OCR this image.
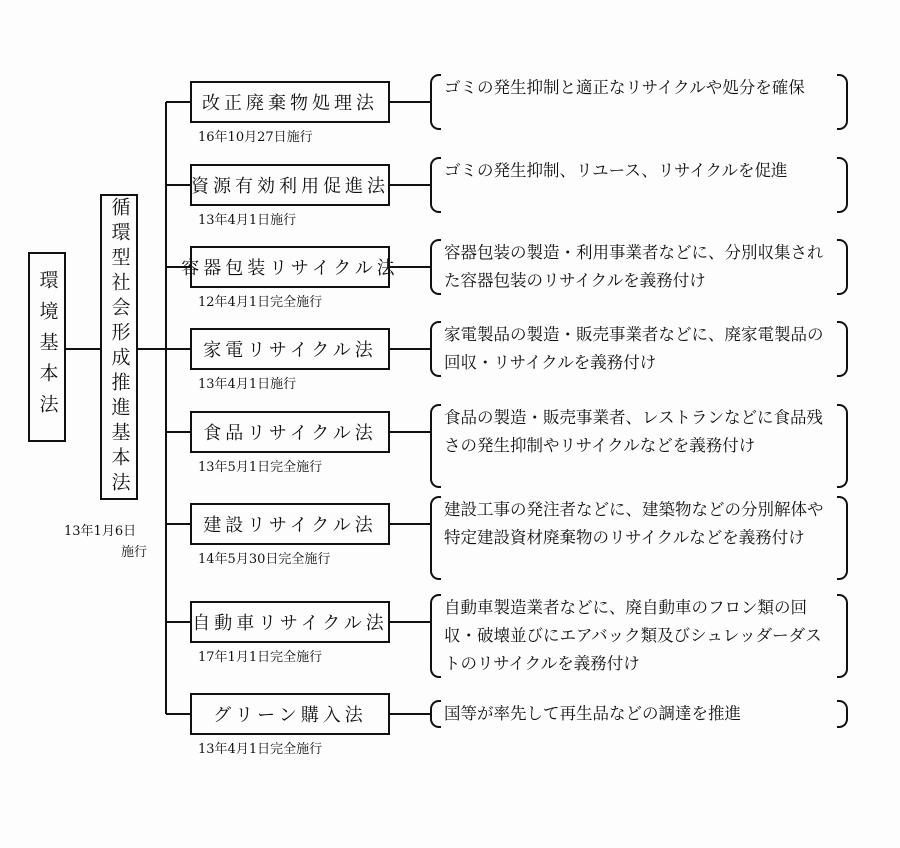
環境基本法	循環型社会形成推進基本法
13年1月6日
施行
改正廃棄物処理法
16年10月27日施行
ゴミの発生抑制と適正なリサイクルや処分を確保
資源有効利用促進法
13年4月1日施行
ゴミの発生抑制、リユース、リサイクルを促進
容器包装リサイクル法
12年4月1日完全施行
容器包装の製造・利用事業者などに、分別収集された容器包装のリサイクルを義務付け
家電リサイクル法
13年4月1日施行
家電製品の製造・販売事業者などに、廃家電製品の回収・リサイクルを義務付け
食品リサイクル法
13年5月1日完全施行
食品の製造・販売事業者、レストランなどに食品残さの発生抑制やリサイクルなどを義務付け
建設リサイクル法
14年5月30日完全施行
建設工事の発注者などに、建築物などの分別解体や特定建設資材廃棄物のリサイクルなどを義務付け
自動車リサイクル法
17年1月1日完全施行
自動車製造業者などに、廃自動車のフロン類の回収・破壊並びにエアバック類及びシュレッダーダストのリサイクルを義務付け
グリーン購入法
13年4月1日完全施行
国等が率先して再生品などの調達を推進
